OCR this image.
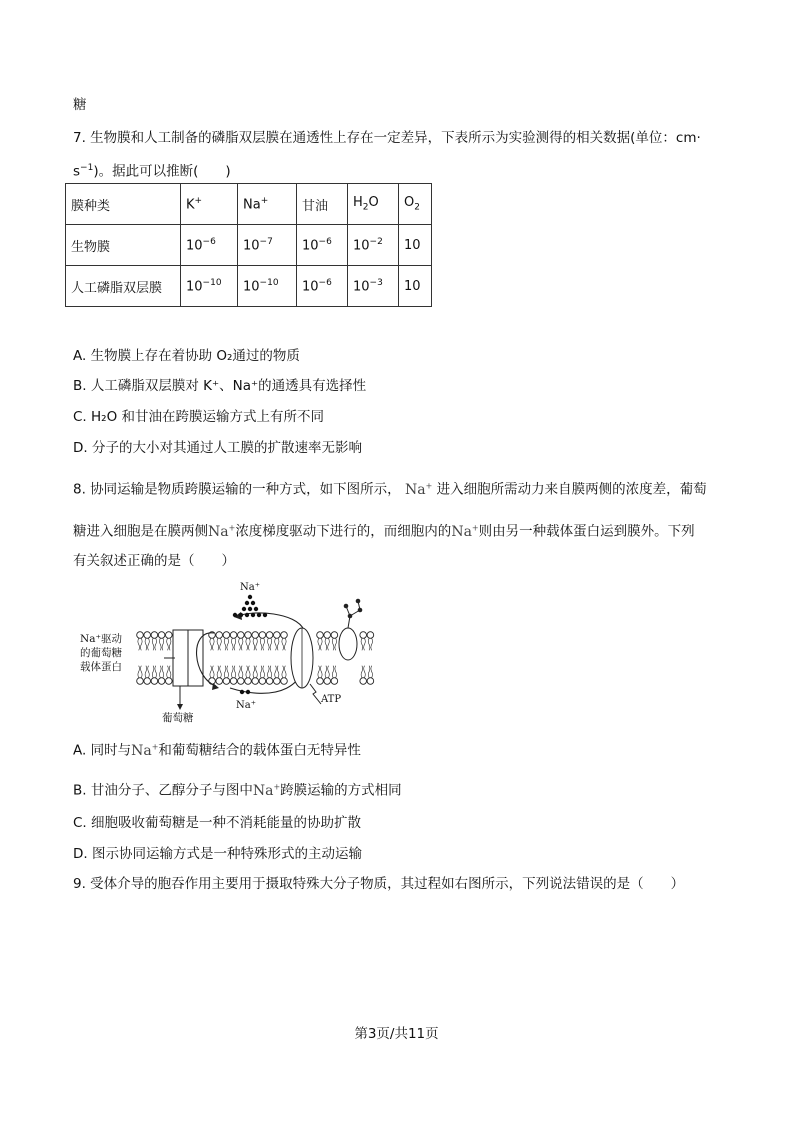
糖
7. 生物膜和人工制备的磷脂双层膜在通透性上存在一定差异，下表所示为实验测得的相关数据(单位：cm·
$s^{-1}$)。据此可以推断(　　)
膜种类	K+	Na+	甘油	$H_2O$	$O_2$
生物膜	$10^{-6}$	$10^{-7}$	$10^{-6}$	$10^{-2}$	10
人工磷脂双层膜	$10^{-10}$	$10^{-10}$	$10^{-6}$	$10^{-3}$	10
A. 生物膜上存在着协助 O₂通过的物质
B. 人工磷脂双层膜对 K⁺、Na⁺的通透具有选择性
C. H₂O 和甘油在跨膜运输方式上有所不同
D. 分子的大小对其通过人工膜的扩散速率无影响
8. 协同运输是物质跨膜运输的一种方式，如下图所示， Na+ 进入细胞所需动力来自膜两侧的浓度差，葡萄
糖进入细胞是在膜两侧Na+浓度梯度驱动下进行的，而细胞内的Na+则由另一种载体蛋白运到膜外。下列
有关叙述正确的是（　　）
Na⁺
Na⁺
Na⁺驱动
的葡萄糖
载体蛋白
葡萄糖
ATP
A. 同时与Na+和葡萄糖结合的载体蛋白无特异性
B. 甘油分子、乙醇分子与图中Na+跨膜运输的方式相同
C. 细胞吸收葡萄糖是一种不消耗能量的协助扩散
D. 图示协同运输方式是一种特殊形式的主动运输
9. 受体介导的胞吞作用主要用于摄取特殊大分子物质，其过程如右图所示，下列说法错误的是（　　）
第3页/共11页
